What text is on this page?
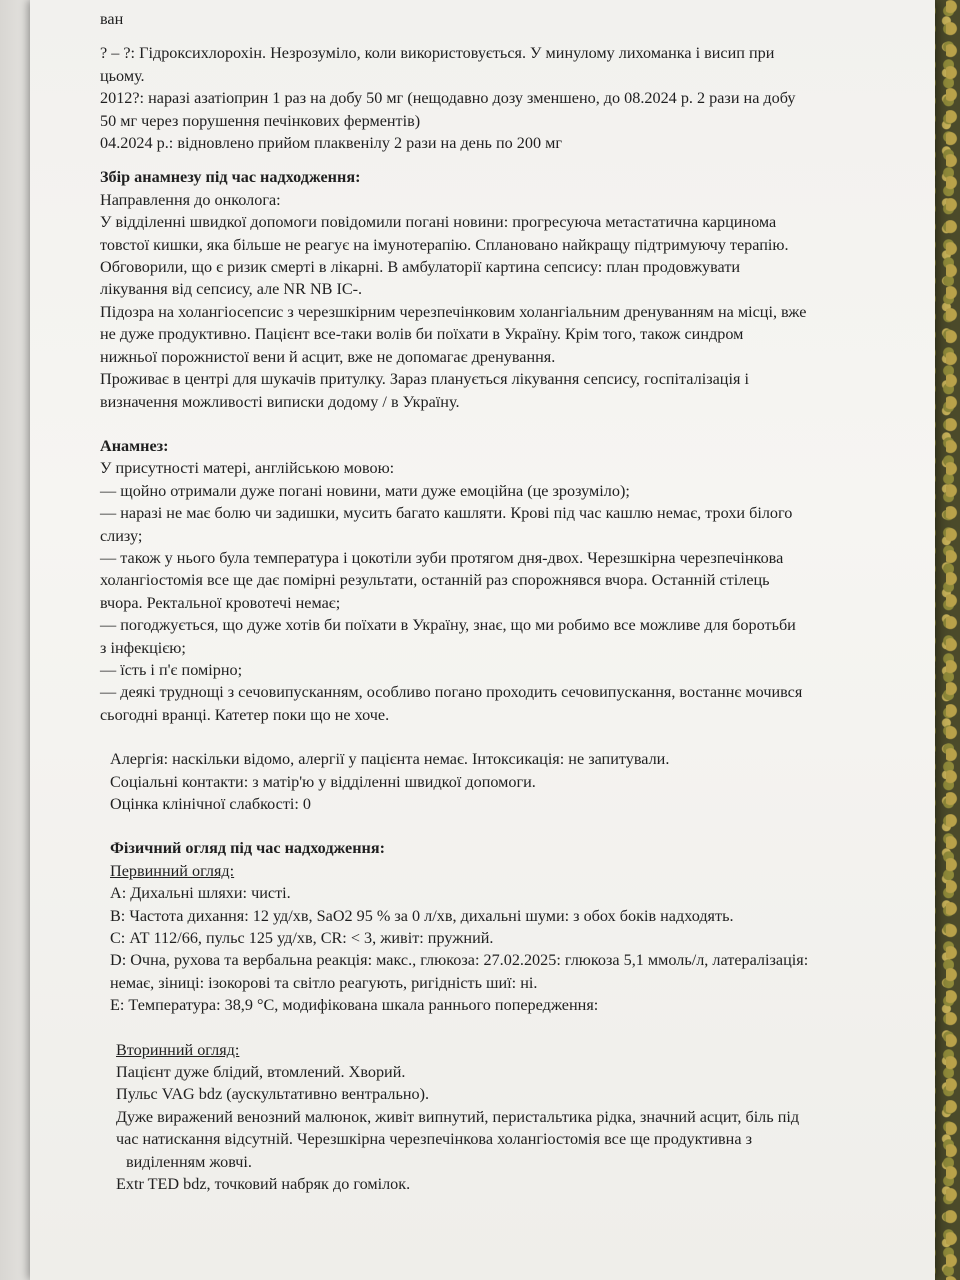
ван
? – ?: Гідроксихлорохін. Незрозуміло, коли використовується. У минулому лихоманка і висип при
цьому.
2012?: наразі азатіоприн 1 раз на добу 50 мг (нещодавно дозу зменшено, до 08.2024 р. 2 рази на добу
50 мг через порушення печінкових ферментів)
04.2024 р.: відновлено прийом плаквенілу 2 рази на день по 200 мг
Збір анамнезу під час надходження:
Направлення до онколога:
У відділенні швидкої допомоги повідомили погані новини: прогресуюча метастатична карцинома
товстої кишки, яка більше не реагує на імунотерапію. Сплановано найкращу підтримуючу терапію.
Обговорили, що є ризик смерті в лікарні. В амбулаторії картина сепсису: план продовжувати
лікування від сепсису, але NR NB IC-.
Підозра на холангіосепсис з черезшкірним черезпечінковим холангіальним дренуванням на місці, вже
не дуже продуктивно. Пацієнт все-таки волів би поїхати в Україну. Крім того, також синдром
нижньої порожнистої вени й асцит, вже не допомагає дренування.
Проживає в центрі для шукачів притулку. Зараз планується лікування сепсису, госпіталізація і
визначення можливості виписки додому / в Україну.
Анамнез:
У присутності матері, англійською мовою:
— щойно отримали дуже погані новини, мати дуже емоційна (це зрозуміло);
— наразі не має болю чи задишки, мусить багато кашляти. Крові під час кашлю немає, трохи білого
слизу;
— також у нього була температура і цокотіли зуби протягом дня-двох. Черезшкірна черезпечінкова
холангіостомія все ще дає помірні результати, останній раз спорожнявся вчора. Останній стілець
вчора. Ректальної кровотечі немає;
— погоджується, що дуже хотів би поїхати в Україну, знає, що ми робимо все можливе для боротьби
з інфекцією;
— їсть і п'є помірно;
— деякі труднощі з сечовипусканням, особливо погано проходить сечовипускання, востаннє мочився
сьогодні вранці. Катетер поки що не хоче.
Алергія: наскільки відомо, алергії у пацієнта немає. Інтоксикація: не запитували.
Соціальні контакти: з матір'ю у відділенні швидкої допомоги.
Оцінка клінічної слабкості: 0
Фізичний огляд під час надходження:
Первинний огляд:
A: Дихальні шляхи: чисті.
B: Частота дихання: 12 уд/хв, SaO2 95 % за 0 л/хв, дихальні шуми: з обох боків надходять.
C: АТ 112/66, пульс 125 уд/хв, CR: < 3, живіт: пружний.
D: Очна, рухова та вербальна реакція: макс., глюкоза: 27.02.2025: глюкоза 5,1 ммоль/л, латералізація:
немає, зіниці: ізокорові та світло реагують, ригідність шиї: ні.
E: Температура: 38,9 °C, модифікована шкала раннього попередження:
Вторинний огляд:
Пацієнт дуже блідий, втомлений. Хворий.
Пульс VAG bdz (аускультативно вентрально).
Дуже виражений венозний малюнок, живіт випнутий, перистальтика рідка, значний асцит, біль під
час натискання відсутній. Черезшкірна черезпечінкова холангіостомія все ще продуктивна з
виділенням жовчі.
Extr TED bdz, точковий набряк до гомілок.
